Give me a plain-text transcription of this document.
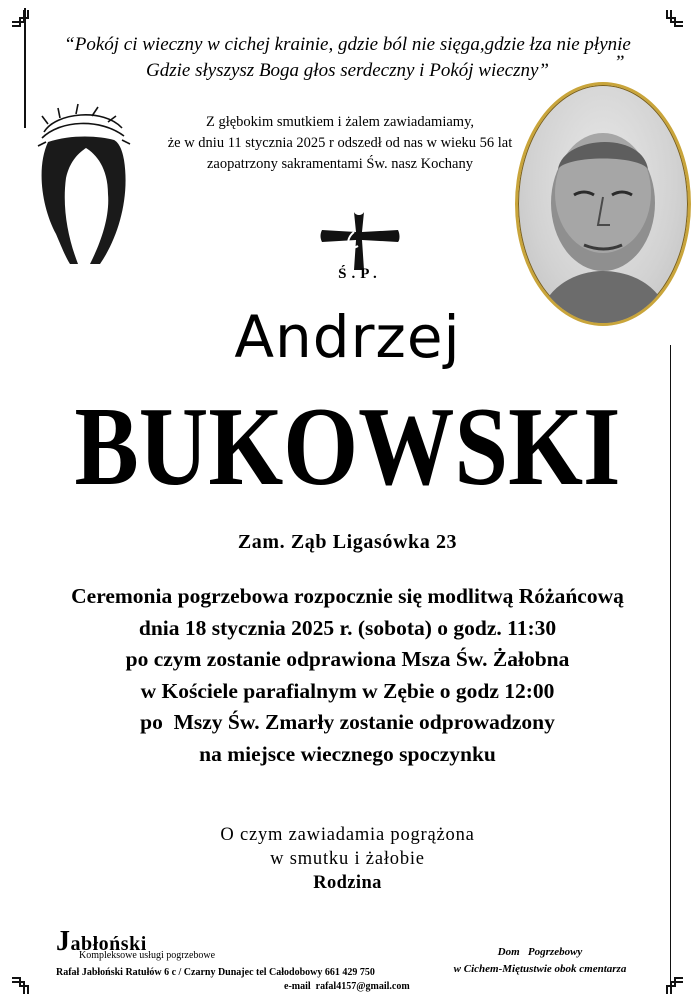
“Pokój ci wieczny w cichej krainie, gdzie ból nie sięga,gdzie łza nie płynie
Gdzie słyszysz Boga głos serdeczny i Pokój wieczny”	”
Z głębokim smutkiem i żalem zawiadamiamy,
że w dniu 11 stycznia 2025 r odszedł od nas w wieku 56 lat
zaopatrzony sakramentami Św. nasz Kochany
Ś.P.
Andrzej
BUKOWSKI
Zam. Ząb Ligasówka 23
Ceremonia pogrzebowa rozpocznie się modlitwą Różańcową
dnia 18 stycznia 2025 r. (sobota) o godz. 11:30
po czym zostanie odprawiona Msza Św. Żałobna
w Kościele parafialnym w Zębie o godz 12:00
po  Mszy Św. Zmarły zostanie odprowadzony
na miejsce wiecznego spoczynku
O czym zawiadamia pogrążona
w smutku i żałobie
Rodzina
Jabłoński
Kompleksowe usługi pogrzebowe
Rafał Jabłoński Ratułów 6 c / Czarny Dunajec tel Całodobowy 661 429 750
e-mail  rafal4157@gmail.com
Dom   Pogrzebowy
w Cichem-Miętustwie obok cmentarza
